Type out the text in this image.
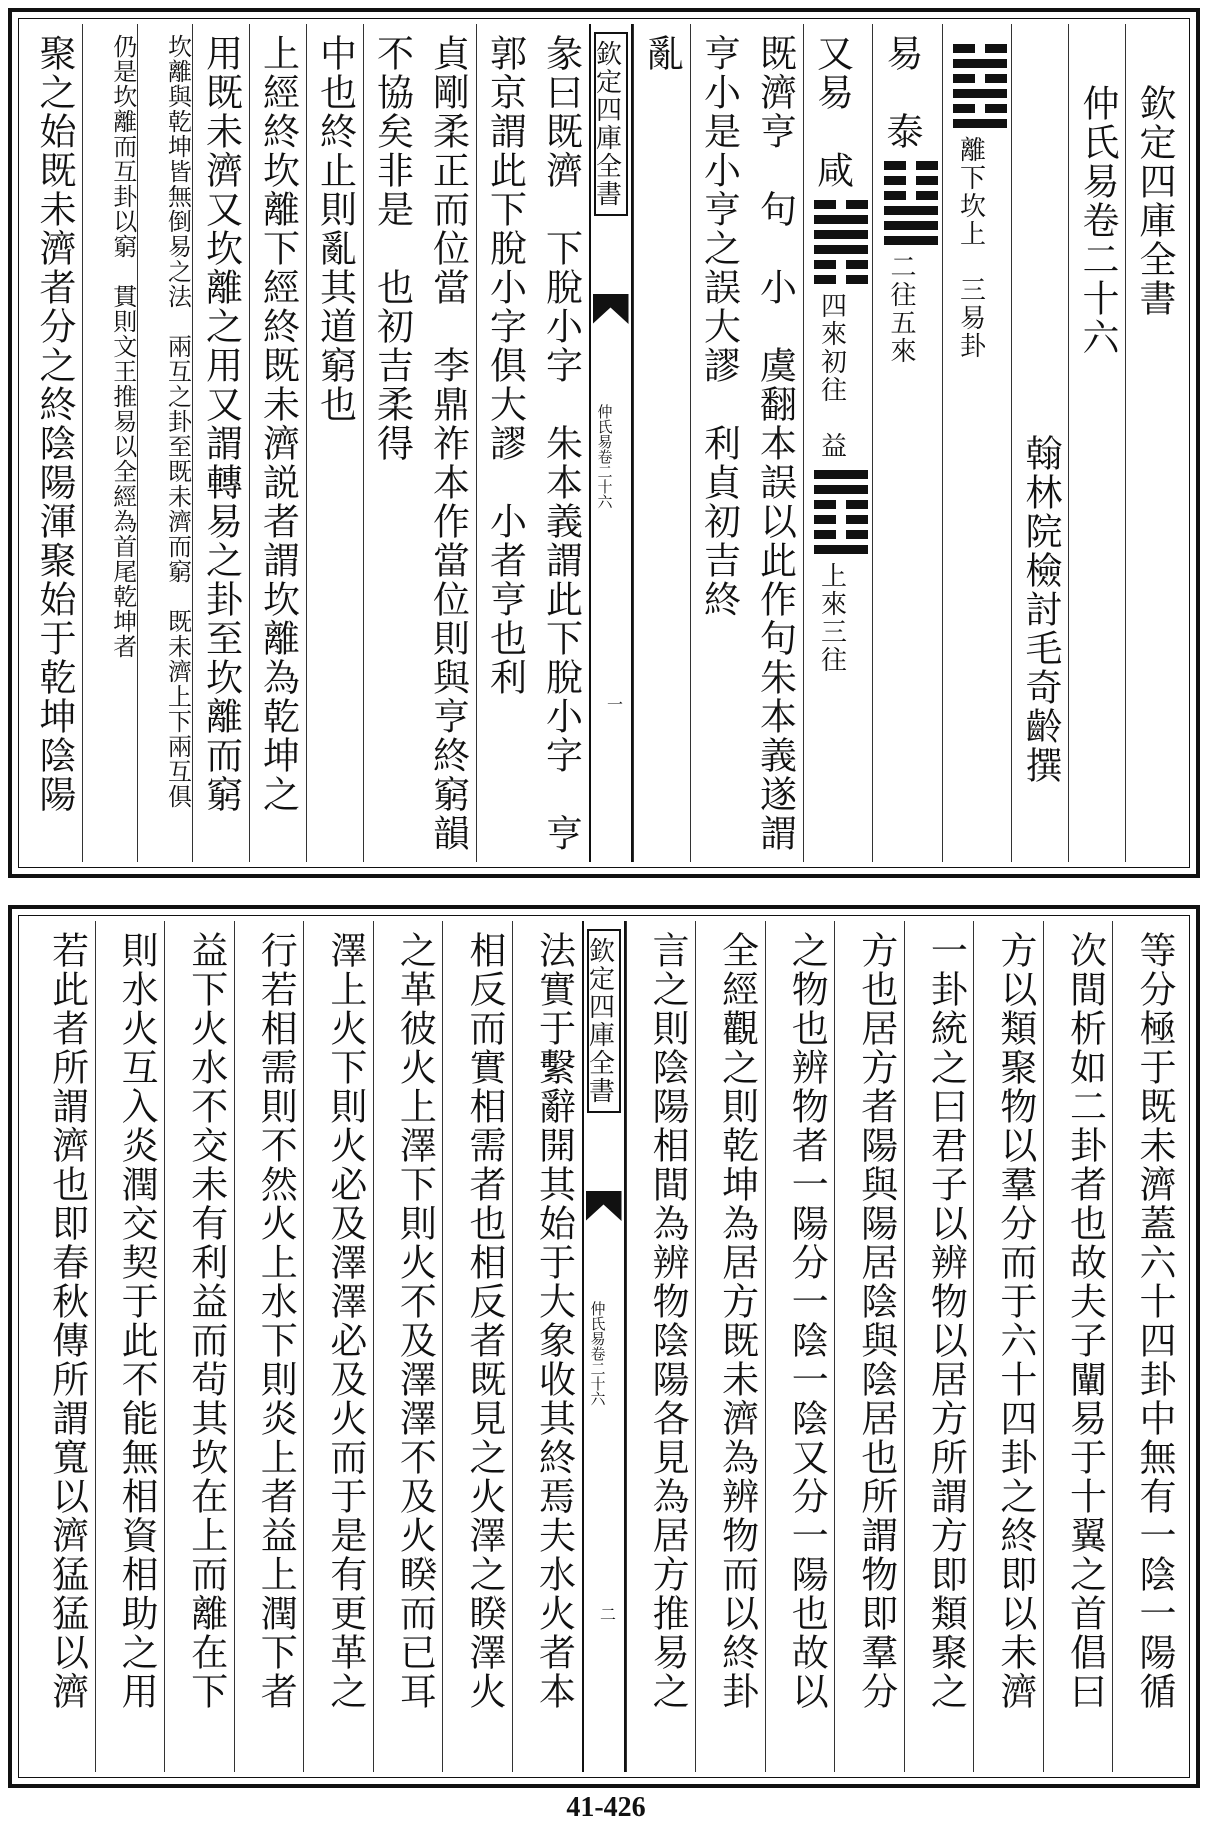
欽定四庫全書
仲氏易卷二十六
翰林院檢討毛奇齡撰
離下坎上　三易卦
易　泰二往五來
又易　咸四來初往　益上來三往
既濟亨　句　小　虞翻本誤以此作句朱本義遂謂亨小是小亨之誤大謬　利貞初吉終
亂
欽定四庫全書
仲氏易卷二十六
一
彖曰既濟　下脫小字　朱本義謂此下脫小字　亨　郭京謂此下脫小字俱大謬　小者亨也利
貞剛柔正而位當　李鼎祚本作當位則與亨終窮韻不協矣非是　也初吉柔得
中也終止則亂其道窮也
上經終坎離下經終既未濟説者謂坎離為乾坤之
用既未濟又坎離之用又謂轉易之卦至坎離而窮
坎離與乾坤皆無倒易之法　兩互之卦至既未濟而窮　既未濟上下兩互俱
仍是坎離而互卦以窮　貫則文王推易以全經為首尾乾坤者
聚之始既未濟者分之終陰陽渾聚始于乾坤陰陽
等分極于既未濟蓋六十四卦中無有一陰一陽循
次間析如二卦者也故夫子闡易于十翼之首倡曰
方以類聚物以羣分而于六十四卦之終即以未濟
一卦統之曰君子以辨物以居方所謂方即類聚之
方也居方者陽與陽居陰與陰居也所謂物即羣分
之物也辨物者一陽分一陰一陰又分一陽也故以
全經觀之則乾坤為居方既未濟為辨物而以終卦
言之則陰陽相間為辨物陰陽各見為居方推易之
欽定四庫全書
仲氏易卷二十六
二
法實于繫辭開其始于大象收其終焉夫水火者本
相反而實相需者也相反者既見之火澤之睽澤火
之革彼火上澤下則火不及澤澤不及火睽而已耳
澤上火下則火必及澤澤必及火而于是有更革之
行若相需則不然火上水下則炎上者益上潤下者
益下火水不交未有利益而茍其坎在上而離在下
則水火互入炎潤交契于此不能無相資相助之用
若此者所謂濟也即春秋傳所謂寬以濟猛猛以濟
41-426
